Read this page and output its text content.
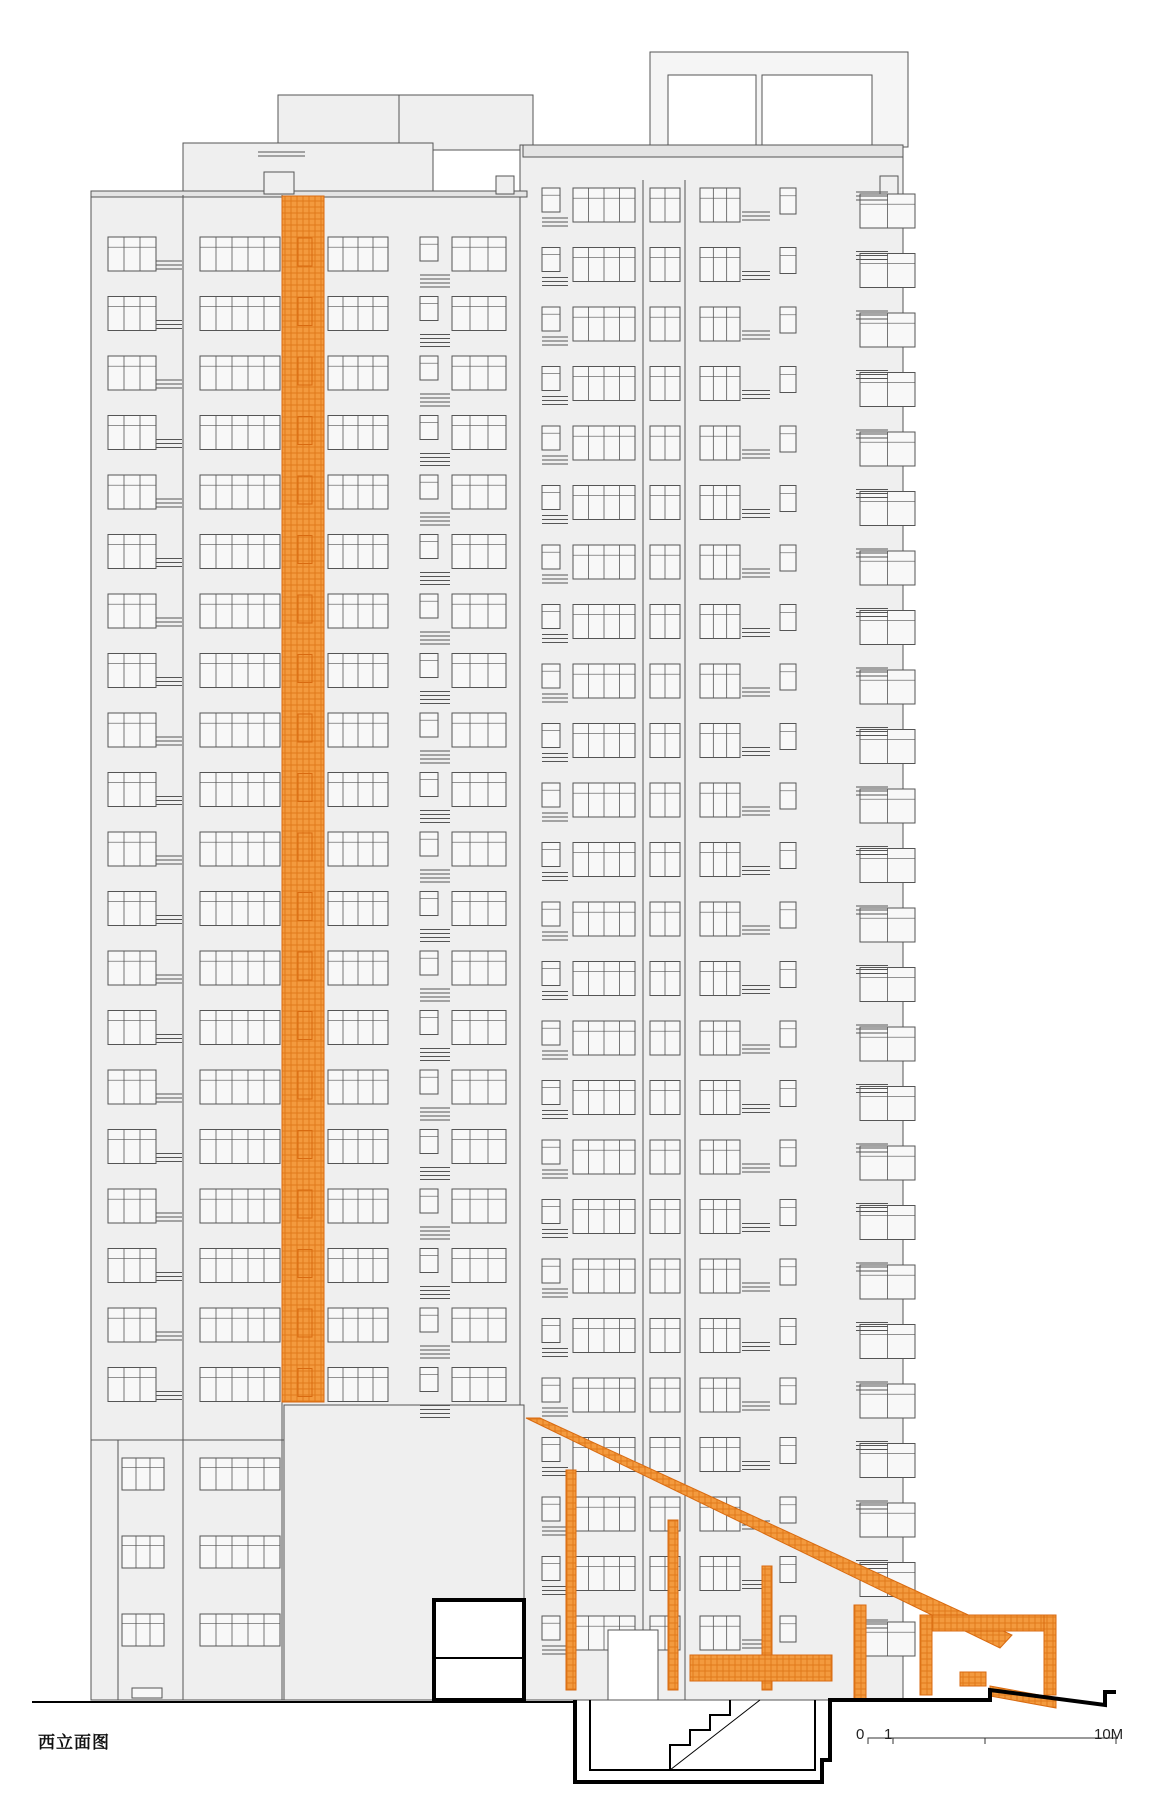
西立面图	0 1	10M
